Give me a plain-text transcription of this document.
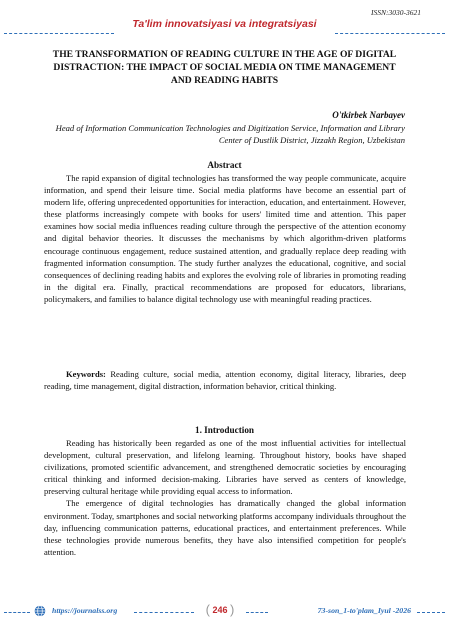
ISSN:3030-3621
Ta'lim innovatsiyasi va integratsiyasi
THE TRANSFORMATION OF READING CULTURE IN THE AGE OF DIGITAL DISTRACTION: THE IMPACT OF SOCIAL MEDIA ON TIME MANAGEMENT AND READING HABITS
O'tkirbek Narbayev
Head of Information Communication Technologies and Digitization Service, Information and Library Center of Dustlik District, Jizzakh Region, Uzbekistan
Abstract

The rapid expansion of digital technologies has transformed the way people communicate, acquire information, and spend their leisure time. Social media platforms have become an essential part of modern life, offering unprecedented opportunities for interaction, education, and entertainment. However, these platforms increasingly compete with books for users' limited time and attention. This paper examines how social media influences reading culture through the perspective of the attention economy and digital behavior theories. It discusses the mechanisms by which algorithm-driven platforms encourage continuous engagement, reduce sustained attention, and gradually replace deep reading with fragmented information consumption. The study further analyzes the educational, cognitive, and social consequences of declining reading habits and explores the evolving role of libraries in promoting reading in the digital era. Finally, practical recommendations are proposed for educators, librarians, policymakers, and families to balance digital technology use with meaningful reading practices.

Keywords: Reading culture, social media, attention economy, digital literacy, libraries, deep reading, time management, digital distraction, information behavior, critical thinking.

1. Introduction

Reading has historically been regarded as one of the most influential activities for intellectual development, cultural preservation, and lifelong learning. Throughout history, books have shaped civilizations, promoted scientific advancement, and strengthened democratic societies by encouraging critical thinking and informed decision-making. Libraries have served as centers of knowledge, preserving cultural heritage while providing equal access to information.

The emergence of digital technologies has dramatically changed the global information environment. Today, smartphones and social networking platforms accompany individuals throughout the day, influencing communication patterns, educational practices, and entertainment preferences. While these technologies provide numerous benefits, they have also intensified competition for people's attention.

https://journalss.org	( 246 )	73-son_1-to'plam_Iyul -2026
